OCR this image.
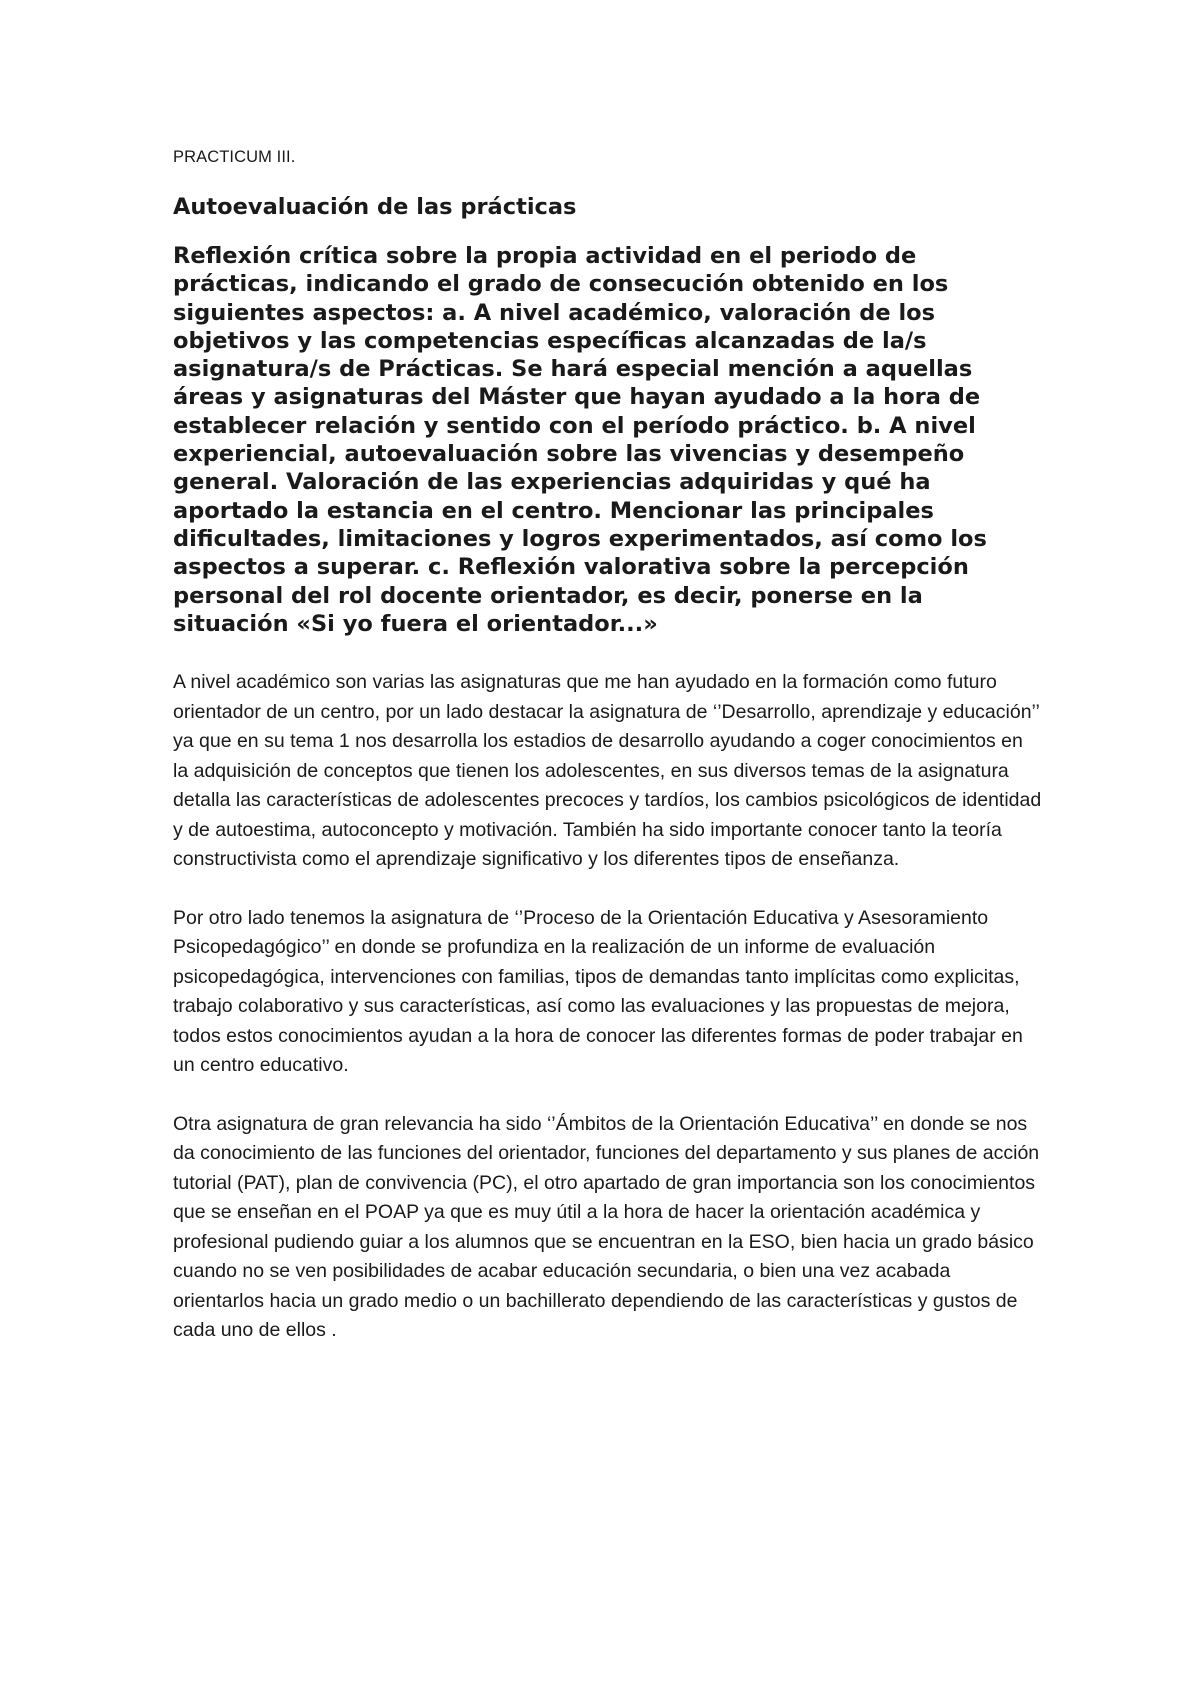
PRACTICUM III.

Autoevaluación de las prácticas
Reflexión crítica sobre la propia actividad en el periodo de prácticas, indicando el grado de consecución obtenido en los siguientes aspectos: a. A nivel académico, valoración de los objetivos y las competencias específicas alcanzadas de la/s asignatura/s de Prácticas. Se hará especial mención a aquellas áreas y asignaturas del Máster que hayan ayudado a la hora de establecer relación y sentido con el período práctico. b. A nivel experiencial, autoevaluación sobre las vivencias y desempeño general. Valoración de las experiencias adquiridas y qué ha aportado la estancia en el centro. Mencionar las principales dificultades, limitaciones y logros experimentados, así como los aspectos a superar. c. Reflexión valorativa sobre la percepción personal del rol docente orientador, es decir, ponerse en la situación «Si yo fuera el orientador...»

A nivel académico son varias las asignaturas que me han ayudado en la formación como futuro orientador de un centro, por un lado destacar la asignatura de ‘’Desarrollo, aprendizaje y educación’’ ya que en su tema 1 nos desarrolla los estadios de desarrollo ayudando a coger conocimientos en la adquisición de conceptos que tienen los adolescentes, en sus diversos temas de la asignatura detalla las características de adolescentes precoces y tardíos, los cambios psicológicos de identidad y de autoestima, autoconcepto y motivación. También ha sido importante conocer tanto la teoría constructivista como el aprendizaje significativo y los diferentes tipos de enseñanza.

Por otro lado tenemos la asignatura de ‘’Proceso de la Orientación Educativa y Asesoramiento Psicopedagógico’’ en donde se profundiza en la realización de un informe de evaluación psicopedagógica, intervenciones con familias, tipos de demandas tanto implícitas como explicitas, trabajo colaborativo y sus características, así como las evaluaciones y las propuestas de mejora, todos estos conocimientos ayudan a la hora de conocer las diferentes formas de poder trabajar en un centro educativo.

Otra asignatura de gran relevancia ha sido ‘’Ámbitos de la Orientación Educativa’’ en donde se nos da conocimiento de las funciones del orientador, funciones del departamento y sus planes de acción tutorial (PAT), plan de convivencia (PC), el otro apartado de gran importancia son los conocimientos que se enseñan en el POAP ya que es muy útil a la hora de hacer la orientación académica y profesional pudiendo guiar a los alumnos que se encuentran en la ESO, bien hacia un grado básico cuando no se ven posibilidades de acabar educación secundaria, o bien una vez acabada orientarlos hacia un grado medio o un bachillerato dependiendo de las características y gustos de cada uno de ellos .
